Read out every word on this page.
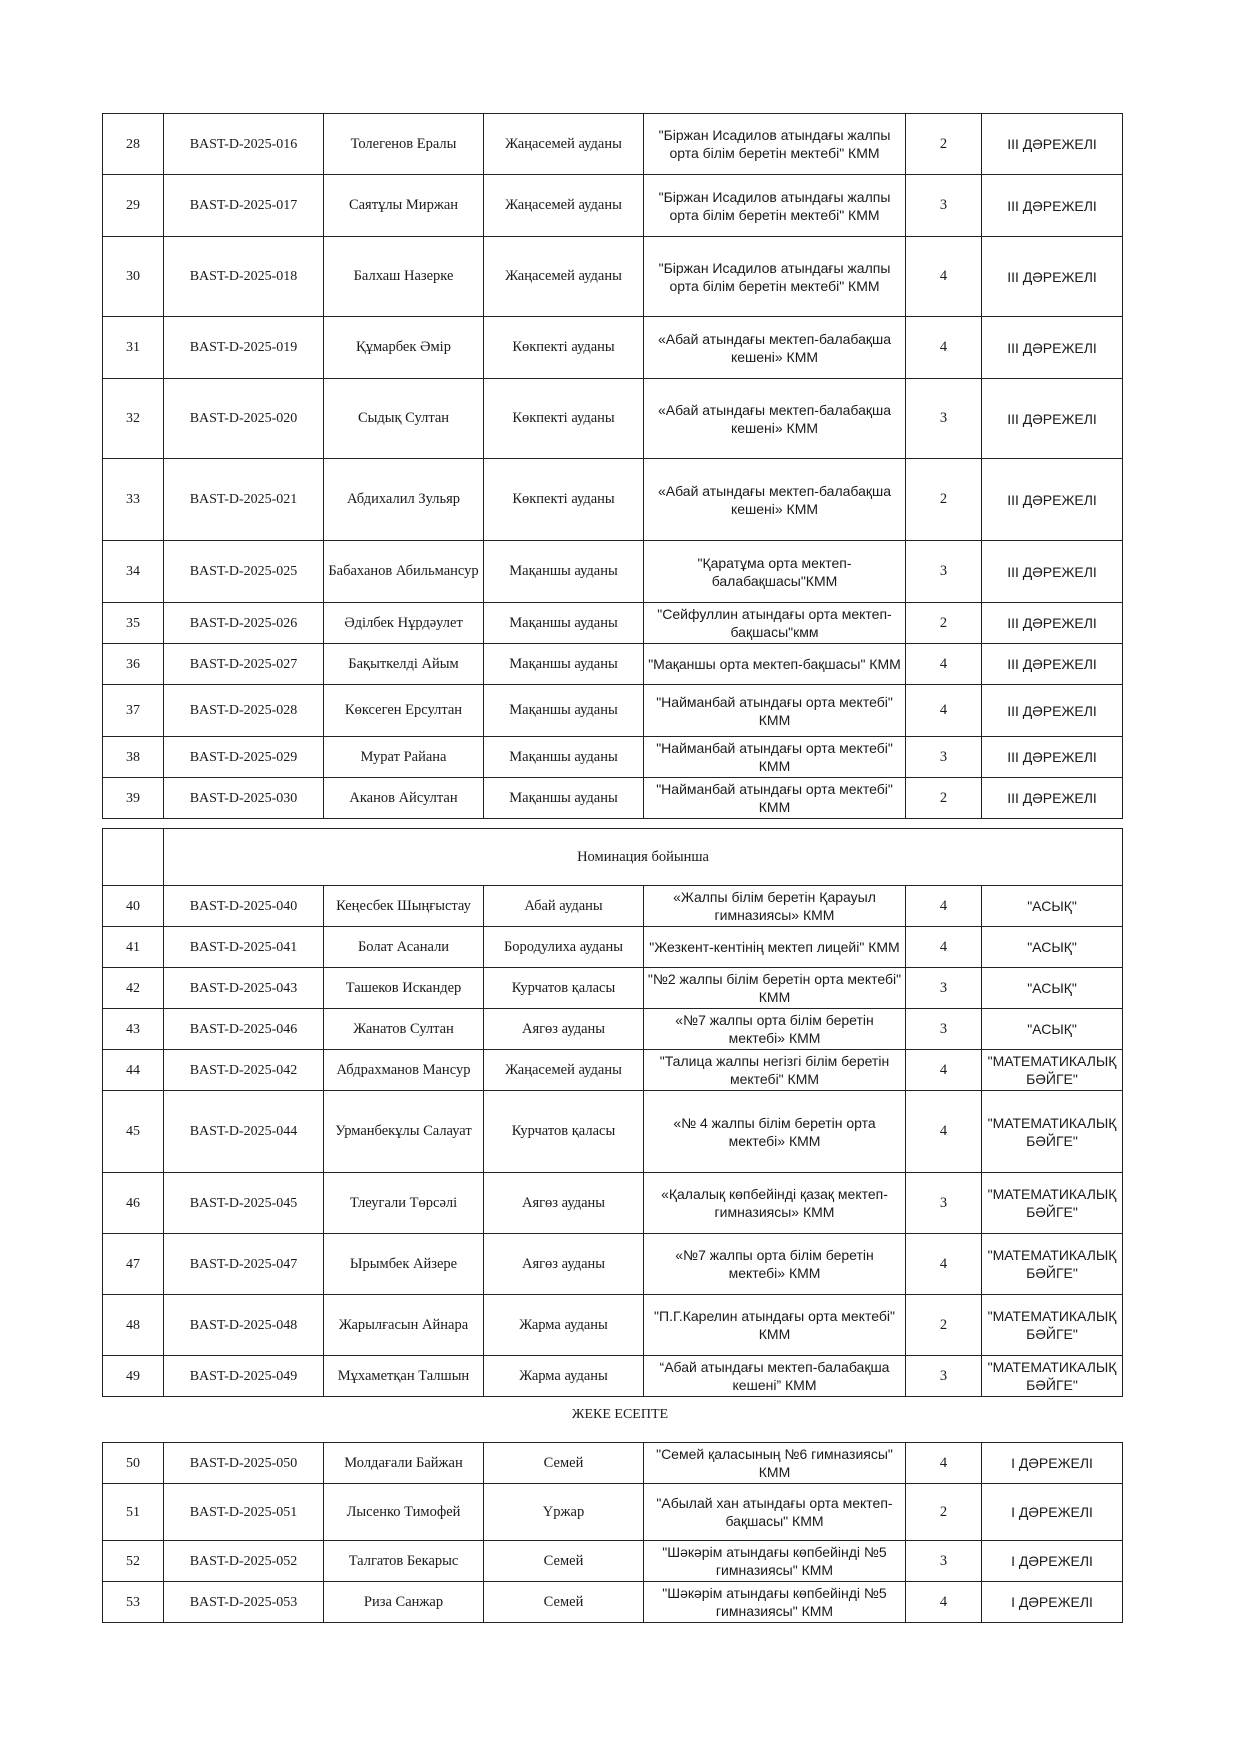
28	BAST-D-2025-016	Толегенов Ералы	Жаңасемей ауданы	"Біржан Исадилов атындағы жалпы орта білім беретін мектебі" КММ	2	ІІІ ДӘРЕЖЕЛІ
29	BAST-D-2025-017	Саятұлы Миржан	Жаңасемей ауданы	"Біржан Исадилов атындағы жалпы орта білім беретін мектебі" КММ	3	ІІІ ДӘРЕЖЕЛІ
30	BAST-D-2025-018	Балхаш Назерке	Жаңасемей ауданы	"Біржан Исадилов атындағы жалпы орта білім беретін мектебі" КММ	4	ІІІ ДӘРЕЖЕЛІ
31	BAST-D-2025-019	Құмарбек Әмір	Көкпекті ауданы	«Абай атындағы мектеп-балабақша кешені» КММ	4	ІІІ ДӘРЕЖЕЛІ
32	BAST-D-2025-020	Сыдық Султан	Көкпекті ауданы	«Абай атындағы мектеп-балабақша кешені» КММ	3	ІІІ ДӘРЕЖЕЛІ
33	BAST-D-2025-021	Абдихалил Зульяр	Көкпекті ауданы	«Абай атындағы мектеп-балабақша кешені» КММ	2	ІІІ ДӘРЕЖЕЛІ
34	BAST-D-2025-025	Бабаханов Абильмансур	Мақаншы ауданы	"Қаратұма орта мектеп-балабақшасы"КММ	3	ІІІ ДӘРЕЖЕЛІ
35	BAST-D-2025-026	Әділбек Нұрдәулет	Мақаншы ауданы	"Сейфуллин атындағы орта мектеп-бақшасы"кмм	2	ІІІ ДӘРЕЖЕЛІ
36	BAST-D-2025-027	Бақыткелді Айым	Мақаншы ауданы	"Мақаншы орта мектеп-бақшасы" КММ	4	ІІІ ДӘРЕЖЕЛІ
37	BAST-D-2025-028	Көксеген Ерсултан	Мақаншы ауданы	"Найманбай атындағы орта мектебі" КММ	4	ІІІ ДӘРЕЖЕЛІ
38	BAST-D-2025-029	Мурат Райана	Мақаншы ауданы	"Найманбай атындағы орта мектебі" КММ	3	ІІІ ДӘРЕЖЕЛІ
39	BAST-D-2025-030	Аканов Айсултан	Мақаншы ауданы	"Найманбай атындағы орта мектебі" КММ	2	ІІІ ДӘРЕЖЕЛІ
	Номинация бойынша					
40	BAST-D-2025-040	Кеңесбек Шыңғыстау	Абай ауданы	«Жалпы білім беретін Қарауыл гимназиясы» КММ	4	"АСЫҚ"
41	BAST-D-2025-041	Болат Асанали	Бородулиха ауданы	"Жезкент-кентінің мектеп лицейі" КММ	4	"АСЫҚ"
42	BAST-D-2025-043	Ташеков Искандер	Курчатов қаласы	"№2 жалпы білім беретін орта мектебі" КММ	3	"АСЫҚ"
43	BAST-D-2025-046	Жанатов Султан	Аягөз ауданы	«№7 жалпы орта білім беретін мектебі» КММ	3	"АСЫҚ"
44	BAST-D-2025-042	Абдрахманов Мансур	Жаңасемей ауданы	"Талица жалпы негізгі білім беретін мектебі" КММ	4	"МАТЕМАТИКАЛЫҚ БӘЙГЕ"
45	BAST-D-2025-044	Урманбекұлы Салауат	Курчатов қаласы	«№ 4 жалпы білім беретін орта мектебі» КММ	4	"МАТЕМАТИКАЛЫҚ БӘЙГЕ"
46	BAST-D-2025-045	Тлеугали Төрсәлі	Аягөз ауданы	«Қалалық көпбейінді қазақ мектеп-гимназиясы» КММ	3	"МАТЕМАТИКАЛЫҚ БӘЙГЕ"
47	BAST-D-2025-047	Ырымбек Айзере	Аягөз ауданы	«№7 жалпы орта білім беретін мектебі» КММ	4	"МАТЕМАТИКАЛЫҚ БӘЙГЕ"
48	BAST-D-2025-048	Жарылғасын Айнара	Жарма ауданы	"П.Г.Карелин атындағы орта мектебі" КММ	2	"МАТЕМАТИКАЛЫҚ БӘЙГЕ"
49	BAST-D-2025-049	Мұхаметқан Талшын	Жарма ауданы	“Абай атындағы мектеп-балабақша кешені” КММ	3	"МАТЕМАТИКАЛЫҚ БӘЙГЕ"
ЖЕКЕ ЕСЕПТЕ
50	BAST-D-2025-050	Молдағали Байжан	Семей	"Семей қаласының №6 гимназиясы" КММ	4	І ДӘРЕЖЕЛІ
51	BAST-D-2025-051	Лысенко Тимофей	Үржар	"Абылай хан атындағы орта мектеп-бақшасы" КММ	2	І ДӘРЕЖЕЛІ
52	BAST-D-2025-052	Талгатов Бекарыс	Семей	"Шәкәрім атындағы көпбейінді №5 гимназиясы" КММ	3	І ДӘРЕЖЕЛІ
53	BAST-D-2025-053	Риза Санжар	Семей	"Шәкәрім атындағы көпбейінді №5 гимназиясы" КММ	4	І ДӘРЕЖЕЛІ
